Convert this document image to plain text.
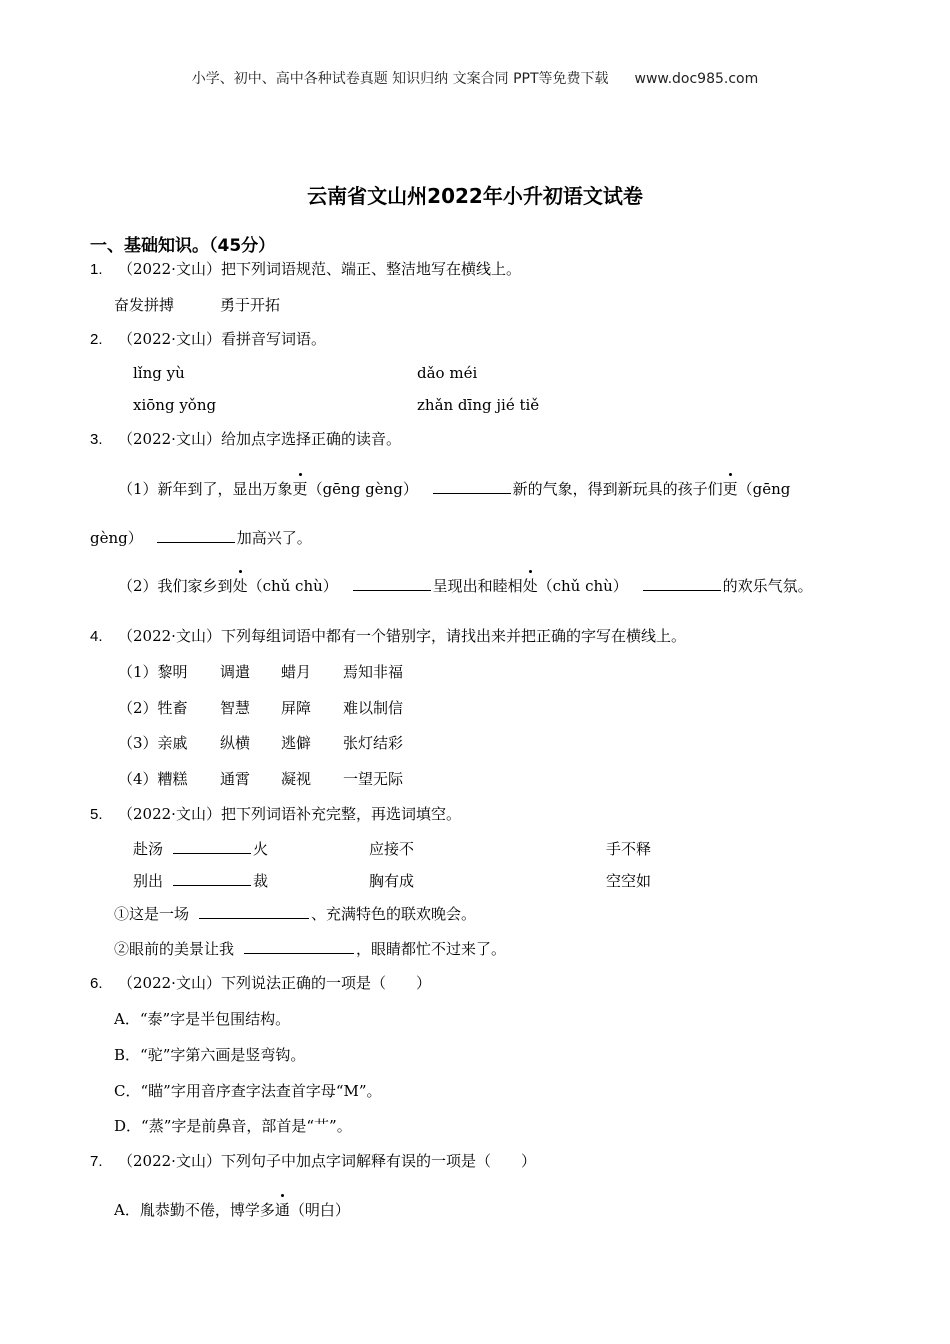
小学、初中、高中各种试卷真题 知识归纳 文案合同 PPT等免费下载 www.doc985.com
云南省文山州2022年小升初语文试卷
一、基础知识。（45分）
1. （2022·文山）把下列词语规范、端正、整洁地写在横线上。
奋发拼搏	勇于开拓
2. （2022·文山）看拼音写词语。
lǐng yù	dǎo méi
xiōng yǒng	zhǎn dīng jié tiě
3. （2022·文山）给加点字选择正确的读音。
（1）新年到了，显出万象更（gēng gèng）	新的气象，得到新玩具的孩子们更（gēng
gèng）	加高兴了。
（2）我们家乡到处（chǔ chù）	呈现出和睦相处（chǔ chù）	的欢乐气氛。
4. （2022·文山）下列每组词语中都有一个错别字，请找出来并把正确的字写在横线上。
（1）黎明 调遣 蜡月 焉知非福
（2）牲畜 智慧 屏障 难以制信
（3）亲戚 纵横 逃僻 张灯结彩
（4）糟糕 通霄 凝视 一望无际
5. （2022·文山）把下列词语补充完整，再选词填空。
赴汤	火	应接不	手不释
别出	裁	胸有成	空空如
①这是一场	、充满特色的联欢晚会。
②眼前的美景让我	，眼睛都忙不过来了。
6. （2022·文山）下列说法正确的一项是（　　）
A．“泰”字是半包围结构。
B．“驼”字第六画是竖弯钩。
C．“瞄”字用音序查字法查首字母“M”。
D．“蒸”字是前鼻音，部首是“艹”。
7. （2022·文山）下列句子中加点字词解释有误的一项是（　　）
A．胤恭勤不倦，博学多通（明白）
